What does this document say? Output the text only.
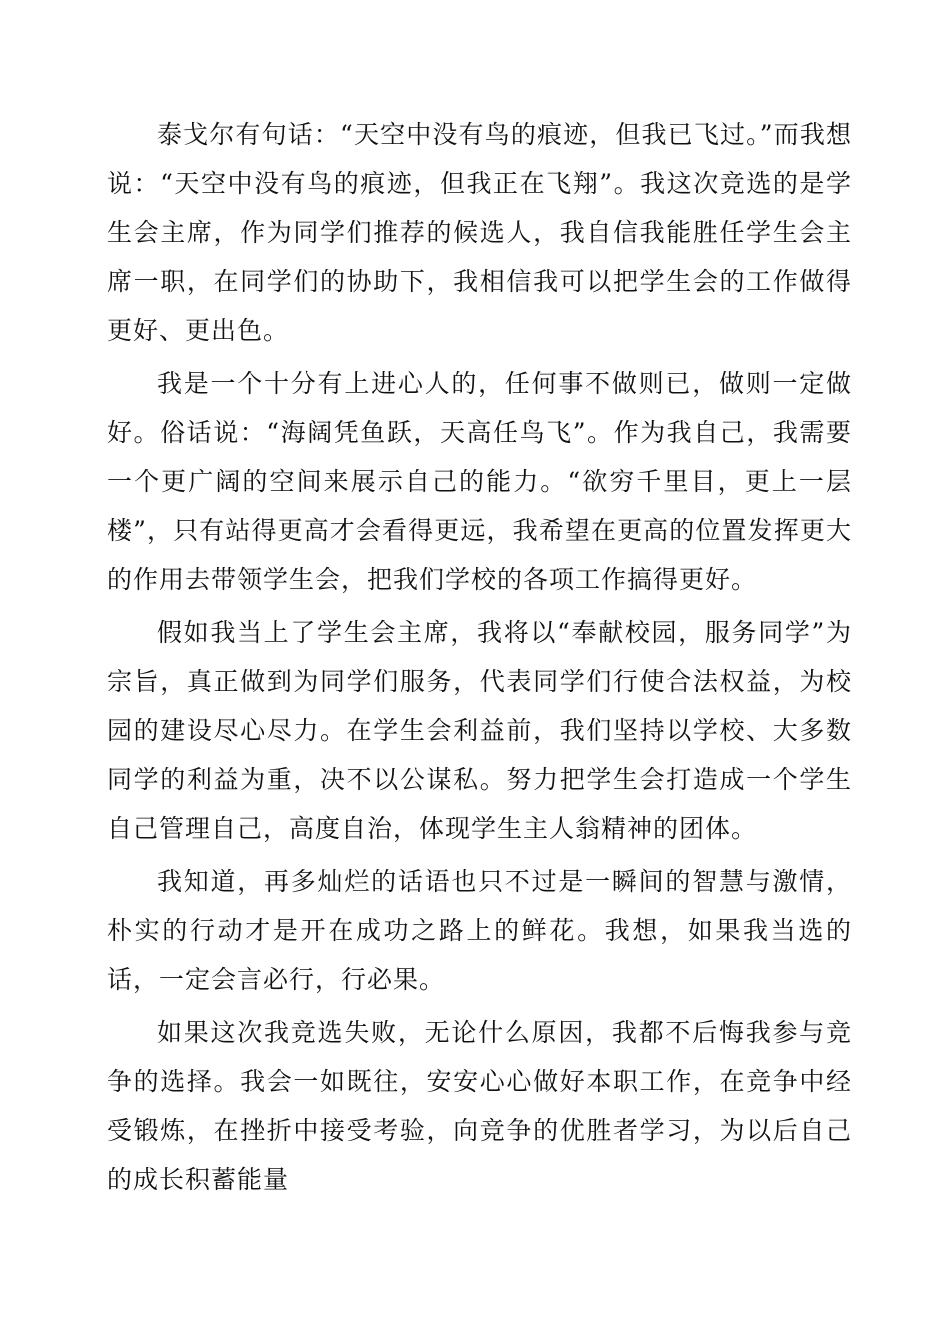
泰戈尔有句话：“天空中没有鸟的痕迹，但我已飞过。”而我想说：“天空中没有鸟的痕迹，但我正在飞翔”。我这次竞选的是学生会主席，作为同学们推荐的候选人，我自信我能胜任学生会主席一职，在同学们的协助下，我相信我可以把学生会的工作做得更好、更出色。

我是一个十分有上进心人的，任何事不做则已，做则一定做好。俗话说：“海阔凭鱼跃，天高任鸟飞”。作为我自己，我需要一个更广阔的空间来展示自己的能力。“欲穷千里目，更上一层楼”，只有站得更高才会看得更远，我希望在更高的位置发挥更大的作用去带领学生会，把我们学校的各项工作搞得更好。

假如我当上了学生会主席，我将以“奉献校园，服务同学”为宗旨，真正做到为同学们服务，代表同学们行使合法权益，为校园的建设尽心尽力。在学生会利益前，我们坚持以学校、大多数同学的利益为重，决不以公谋私。努力把学生会打造成一个学生自己管理自己，高度自治，体现学生主人翁精神的团体。

我知道，再多灿烂的话语也只不过是一瞬间的智慧与激情，朴实的行动才是开在成功之路上的鲜花。我想，如果我当选的话，一定会言必行，行必果。

如果这次我竞选失败，无论什么原因，我都不后悔我参与竞争的选择。我会一如既往，安安心心做好本职工作，在竞争中经受锻炼，在挫折中接受考验，向竞争的优胜者学习，为以后自己的成长积蓄能量
